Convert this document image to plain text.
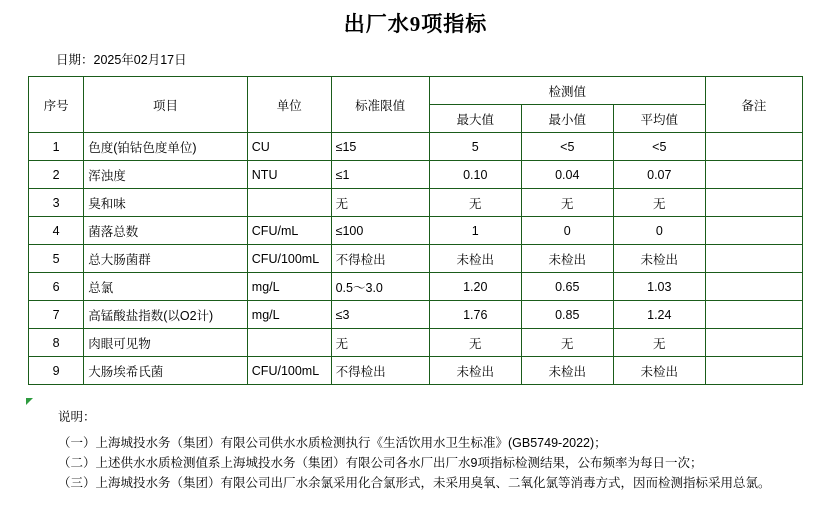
出厂水9项指标
日期：2025年02月17日
序号	项目	单位	标准限值	检测值			备注
				最大值	最小值	平均值	
1	色度(铂钴色度单位)	CU	≤15	5	<5	<5	
2	浑浊度	NTU	≤1	0.10	0.04	0.07	
3	臭和味		无	无	无	无	
4	菌落总数	CFU/mL	≤100	1	0	0	
5	总大肠菌群	CFU/100mL	不得检出	未检出	未检出	未检出	
6	总氯	mg/L	0.5～3.0	1.20	0.65	1.03	
7	高锰酸盐指数(以O2计)	mg/L	≤3	1.76	0.85	1.24	
8	肉眼可见物		无	无	无	无	
9	大肠埃希氏菌	CFU/100mL	不得检出	未检出	未检出	未检出	
说明：
（一）上海城投水务（集团）有限公司供水水质检测执行《生活饮用水卫生标准》(GB5749-2022)；
（二）上述供水水质检测值系上海城投水务（集团）有限公司各水厂出厂水9项指标检测结果，公布频率为每日一次；
（三）上海城投水务（集团）有限公司出厂水余氯采用化合氯形式，未采用臭氧、二氧化氯等消毒方式，因而检测指标采用总氯。
